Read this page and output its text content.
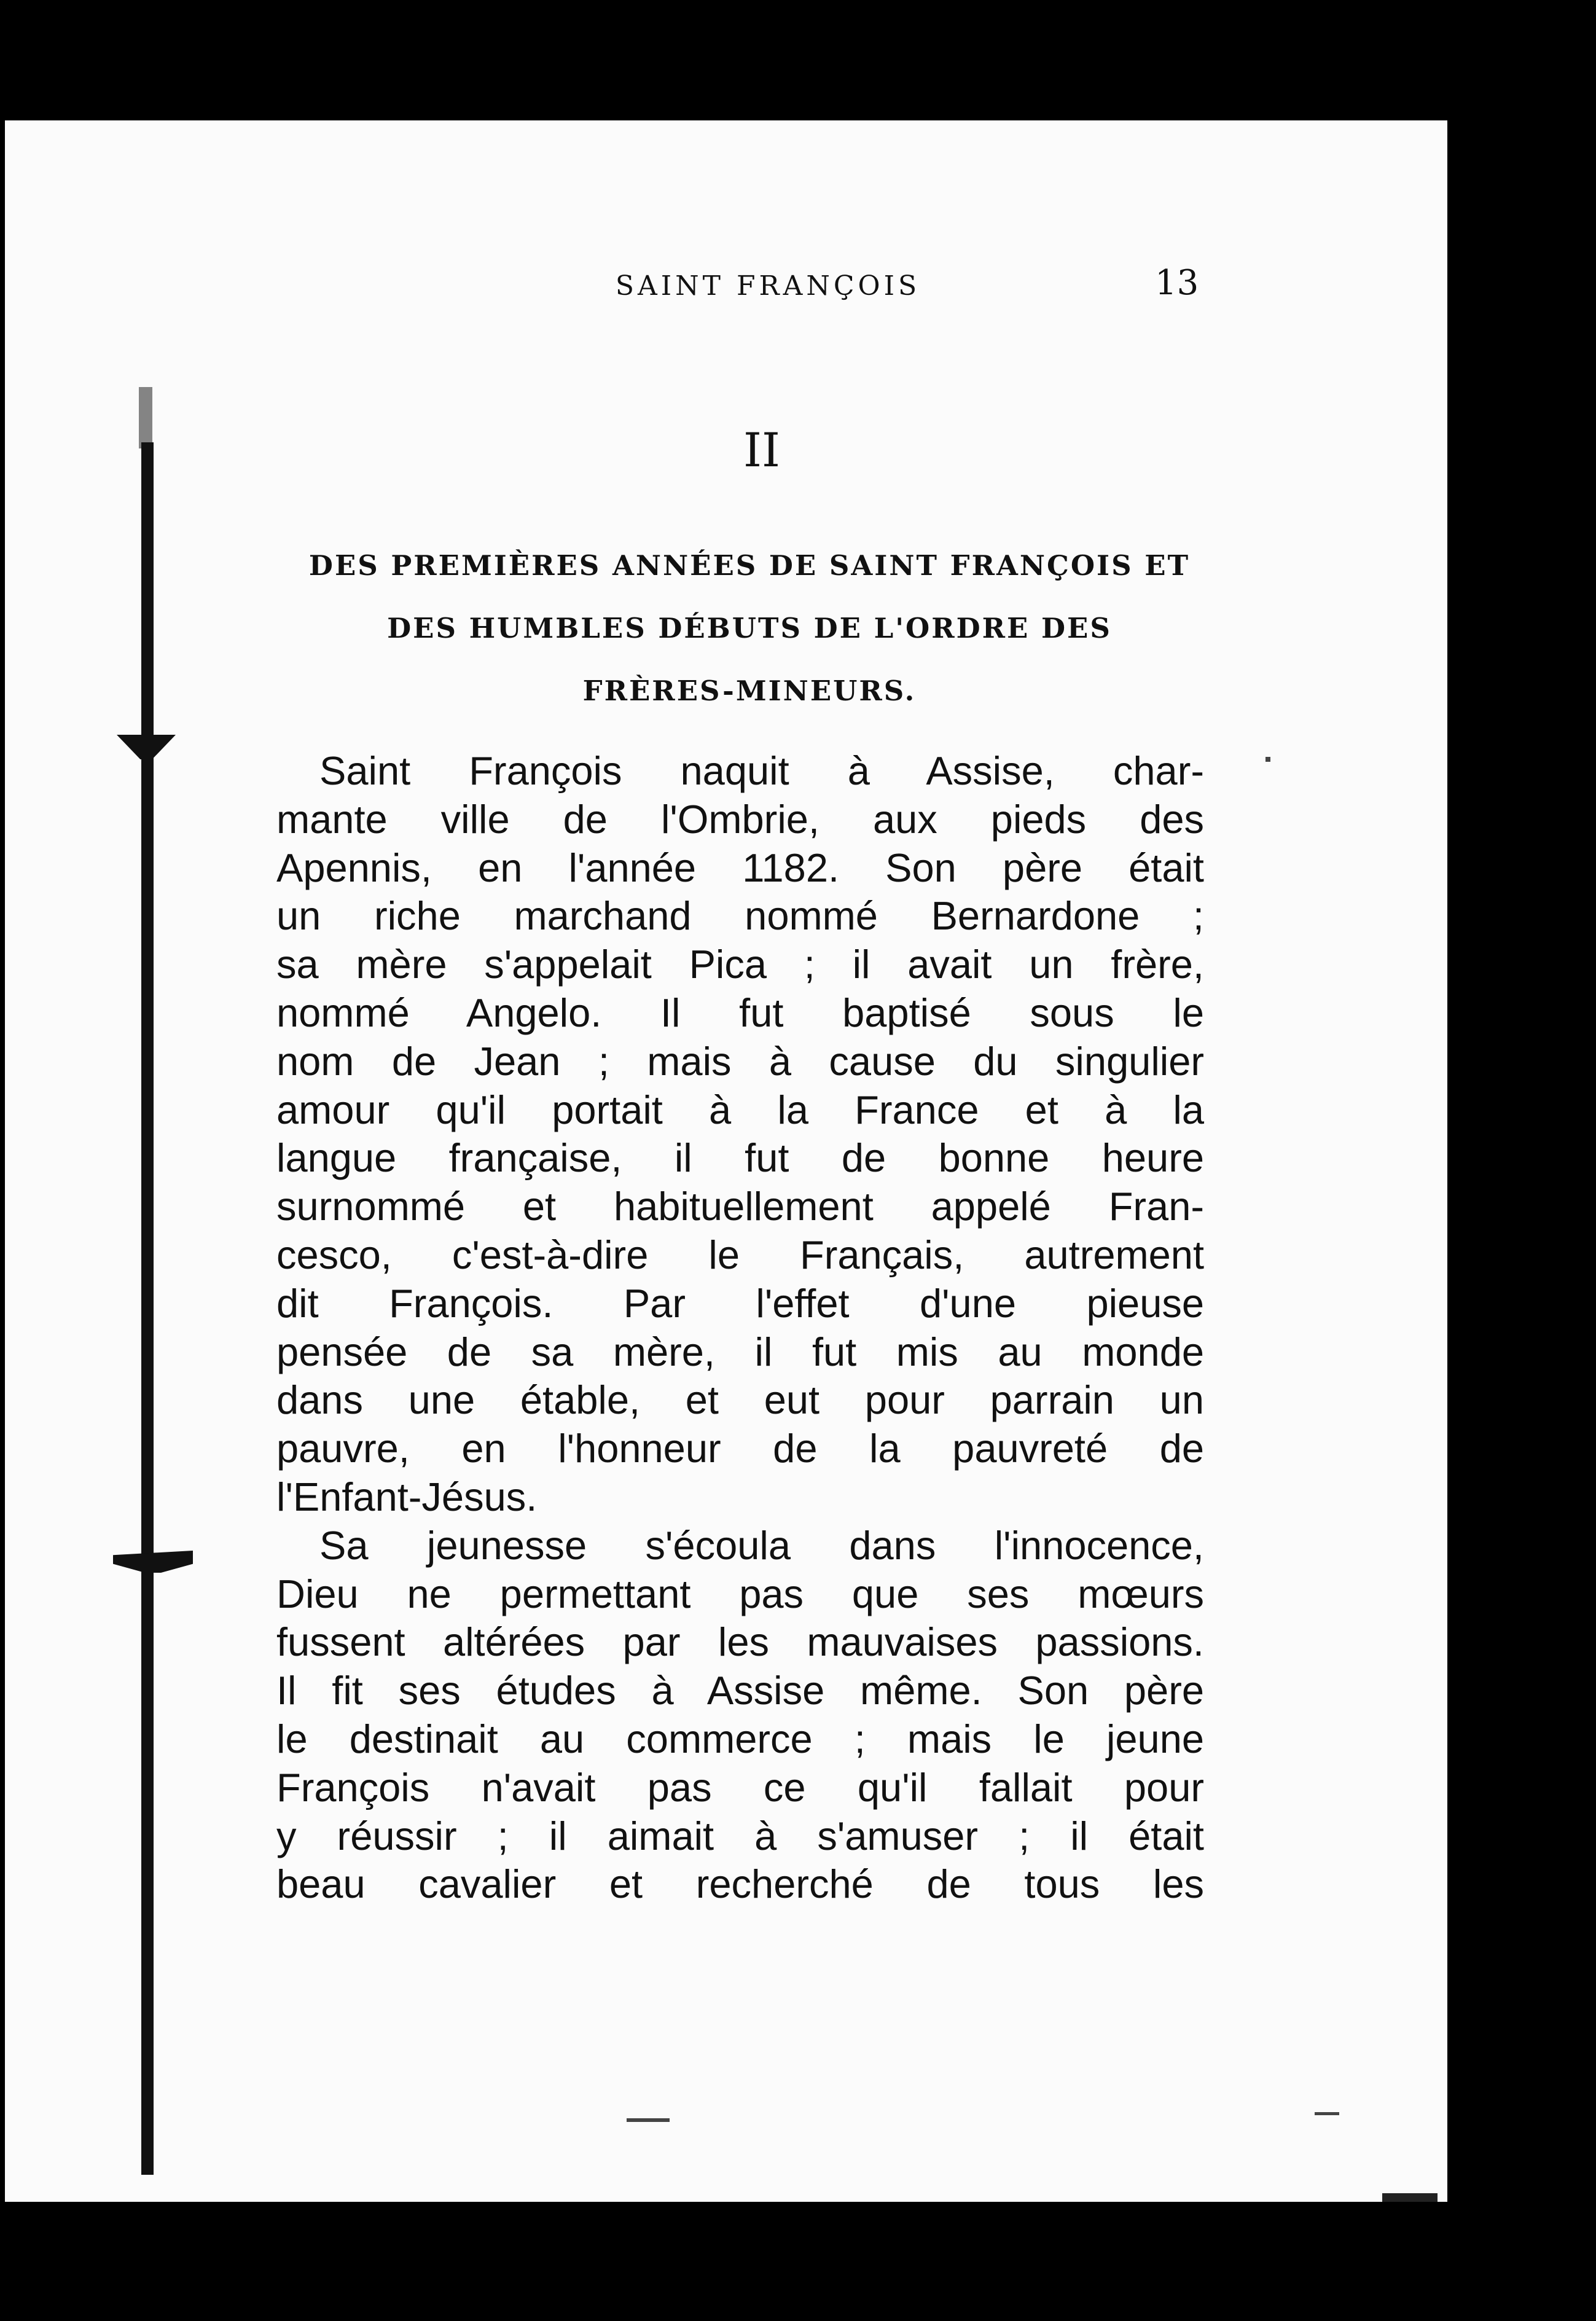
SAINT FRANÇOIS	13
II
DES PREMIÈRES ANNÉES DE SAINT FRANÇOIS ET
DES HUMBLES DÉBUTS DE L'ORDRE DES
FRÈRES-MINEURS.
Saint François naquit à Assise, char-
mante ville de l'Ombrie, aux pieds des
Apennis, en l'année 1182. Son père était
un riche marchand nommé Bernardone ;
sa mère s'appelait Pica ; il avait un frère,
nommé Angelo. Il fut baptisé sous le
nom de Jean ; mais à cause du singulier
amour qu'il portait à la France et à la
langue française, il fut de bonne heure
surnommé et habituellement appelé Fran-
cesco, c'est-à-dire le Français, autrement
dit François. Par l'effet d'une pieuse
pensée de sa mère, il fut mis au monde
dans une étable, et eut pour parrain un
pauvre, en l'honneur de la pauvreté de
l'Enfant-Jésus.
Sa jeunesse s'écoula dans l'innocence,
Dieu ne permettant pas que ses mœurs
fussent altérées par les mauvaises passions.
Il fit ses études à Assise même. Son père
le destinait au commerce ; mais le jeune
François n'avait pas ce qu'il fallait pour
y réussir ; il aimait à s'amuser ; il était
beau cavalier et recherché de tous les
